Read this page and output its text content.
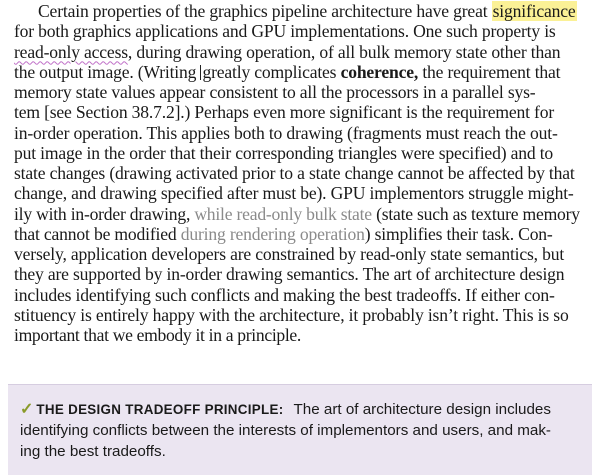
Certain properties of the graphics pipeline architecture have great significance
for both graphics applications and GPU implementations. One such property is
read-only access, during drawing operation, of all bulk memory state other than
the output image. (Writing greatly complicates coherence, the requirement that
memory state values appear consistent to all the processors in a parallel sys-
tem [see Section 38.7.2].) Perhaps even more significant is the requirement for
in-order operation. This applies both to drawing (fragments must reach the out-
put image in the order that their corresponding triangles were specified) and to
state changes (drawing activated prior to a state change cannot be affected by that
change, and drawing specified after must be). GPU implementors struggle might-
ily with in-order drawing, while read-only bulk state (state such as texture memory
that cannot be modified during rendering operation) simplifies their task. Con-
versely, application developers are constrained by read-only state semantics, but
they are supported by in-order drawing semantics. The art of architecture design
includes identifying such conflicts and making the best tradeoffs. If either con-
stituency is entirely happy with the architecture, it probably isn’t right. This is so
important that we embody it in a principle.
✓ THE DESIGN TRADEOFF PRINCIPLE: The art of architecture design includes
identifying conflicts between the interests of implementors and users, and mak-
ing the best tradeoffs.
